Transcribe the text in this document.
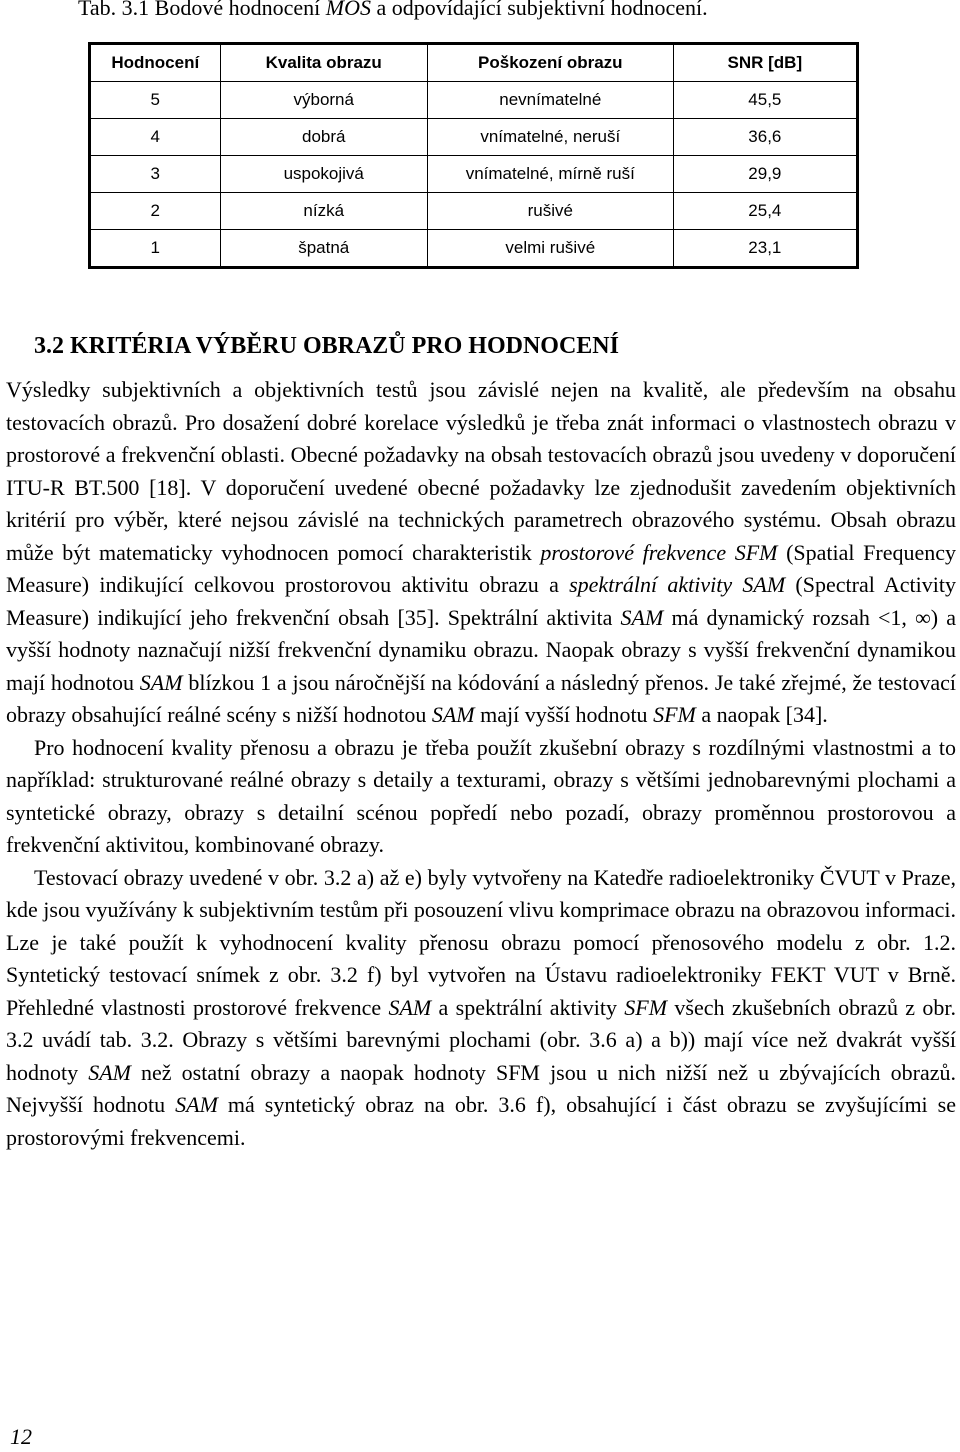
Tab. 3.1 Bodové hodnocení MOS a odpovídající subjektivní hodnocení.
Hodnocení	Kvalita obrazu	Poškození obrazu	SNR [dB]
5	výborná	nevnímatelné	45,5
4	dobrá	vnímatelné, neruší	36,6
3	uspokojivá	vnímatelné, mírně ruší	29,9
2	nízká	rušivé	25,4
1	špatná	velmi rušivé	23,1
3.2 KRITÉRIA VÝBĚRU OBRAZŮ PRO HODNOCENÍ

Výsledky subjektivních a objektivních testů jsou závislé nejen na kvalitě, ale především na obsahu testovacích obrazů. Pro dosažení dobré korelace výsledků je třeba znát informaci o vlastnostech obrazu v prostorové a frekvenční oblasti. Obecné požadavky na obsah testovacích obrazů jsou uvedeny v doporučení ITU-R BT.500 [18]. V doporučení uvedené obecné požadavky lze zjednodušit zavedením objektivních kritérií pro výběr, které nejsou závislé na technických parametrech obrazového systému. Obsah obrazu může být matematicky vyhodnocen pomocí charakteristik prostorové frekvence SFM (Spatial Frequency Measure) indikující celkovou prostorovou aktivitu obrazu a spektrální aktivity SAM (Spectral Activity Measure) indikující jeho frekvenční obsah [35]. Spektrální aktivita SAM má dynamický rozsah <1, ∞) a vyšší hodnoty naznačují nižší frekvenční dynamiku obrazu. Naopak obrazy s vyšší frekvenční dynamikou mají hodnotou SAM blízkou 1 a jsou náročnější na kódování a následný přenos. Je také zřejmé, že testovací obrazy obsahující reálné scény s nižší hodnotou SAM mají vyšší hodnotu SFM a naopak [34].

Pro hodnocení kvality přenosu a obrazu je třeba použít zkušební obrazy s rozdílnými vlastnostmi a to například: strukturované reálné obrazy s detaily a texturami, obrazy s většími jednobarevnými plochami a syntetické obrazy, obrazy s detailní scénou popředí nebo pozadí, obrazy proměnnou prostorovou a frekvenční aktivitou, kombinované obrazy.

Testovací obrazy uvedené v obr. 3.2 a) až e) byly vytvořeny na Katedře radioelektroniky ČVUT v Praze, kde jsou využívány k subjektivním testům při posouzení vlivu komprimace obrazu na obrazovou informaci. Lze je také použít k vyhodnocení kvality přenosu obrazu pomocí přenosového modelu z obr. 1.2. Syntetický testovací snímek z obr. 3.2 f) byl vytvořen na Ústavu radioelektroniky FEKT VUT v Brně. Přehledné vlastnosti prostorové frekvence SAM a spektrální aktivity SFM všech zkušebních obrazů z obr. 3.2 uvádí tab. 3.2. Obrazy s většími barevnými plochami (obr. 3.6 a) a b)) mají více než dvakrát vyšší hodnoty SAM než ostatní obrazy a naopak hodnoty SFM jsou u nich nižší než u zbývajících obrazů. Nejvyšší hodnotu SAM má syntetický obraz na obr. 3.6 f), obsahující i část obrazu se zvyšujícími se prostorovými frekvencemi.

12
